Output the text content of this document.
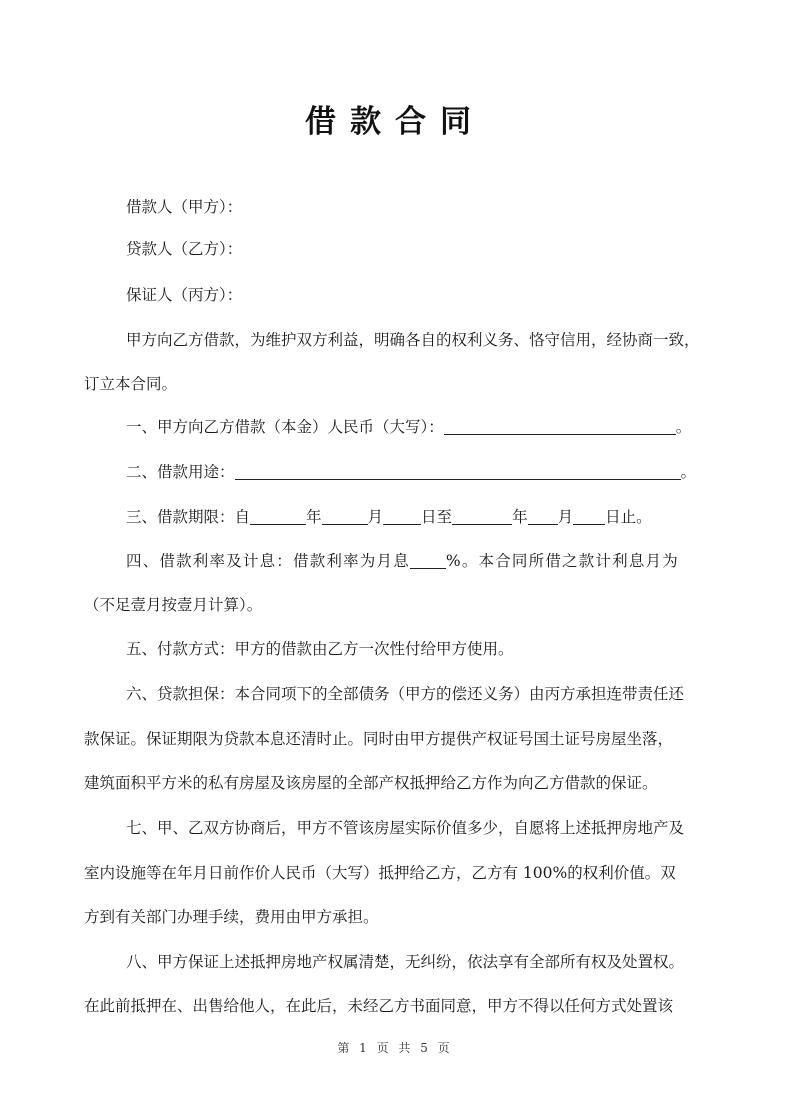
借款合同
借款人（甲方）：
贷款人（乙方）：
保证人（丙方）：
甲方向乙方借款，为维护双方利益，明确各自的权利义务、恪守信用，经协商一致，
订立本合同。
一、甲方向乙方借款（本金）人民币（大写）：	。
二、借款用途：	。
三、借款期限：自	年	月 日至	年 月 日止。
四、借款利率及计息：借款利率为月息 %。本合同所借之款计利息月为
（不足壹月按壹月计算）。
五、付款方式：甲方的借款由乙方一次性付给甲方使用。
六、贷款担保：本合同项下的全部债务（甲方的偿还义务）由丙方承担连带责任还
款保证。保证期限为贷款本息还清时止。同时由甲方提供产权证号国土证号房屋坐落，
建筑面积平方米的私有房屋及该房屋的全部产权抵押给乙方作为向乙方借款的保证。
七、甲、乙双方协商后，甲方不管该房屋实际价值多少，自愿将上述抵押房地产及
室内设施等在年月日前作价人民币（大写）抵押给乙方，乙方有 100%的权利价值。双
方到有关部门办理手续，费用由甲方承担。
八、甲方保证上述抵押房地产权属清楚，无纠纷，依法享有全部所有权及处置权。
在此前抵押在、出售给他人，在此后，未经乙方书面同意，甲方不得以任何方式处置该
第 1 页 共 5 页
